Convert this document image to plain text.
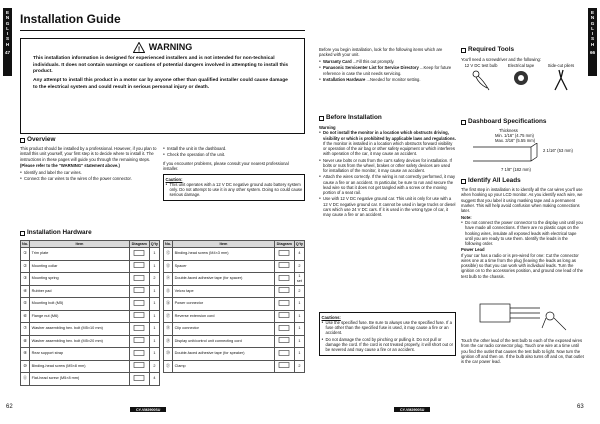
E
N
G
L
I
S
H
47
E
N
G
L
I
S
H
66
Installation Guide
! WARNING

This installation information is designed for experienced installers and is not intended for non-technical individuals. It does not contain warnings or cautions of potential dangers involved in attempting to install this product.

Any attempt to install this product in a motor car by anyone other than qualified installer could cause damage to the electrical system and could result in serious personal injury or death.

Overview

This product should be installed by a professional. However, if you plan to install this unit yourself, your first step is to decide where to install it. The instructions in these pages will guide you through the remaining steps.

(Please refer to the "WARNING" statement above.)

● Identify and label the car wires.
● Connect the car wires to the wires of the power connector.
● Install the unit in the dashboard.
● Check the operation of the unit.

If you encounter problems, please consult your nearest professional installer.

Caution:
● This unit operates with a 12 V DC negative ground auto battery system only. Do not attempt to use it in any other system. Doing so could cause serious damage.
Installation Hardware
No.	Item	Diagram	Q'ty
①	Trim plate		1
②	Mounting collar		1
③	Mounting spring		2
④	Rubber pad		1
⑤	Mounting bolt (M5)		1
⑥	Flange nut (M6)		1
⑦	Washer assembling hex. bolt (M5×10 mm)		1
⑧	Washer assembling hex. bolt (M5×20 mm)		1
⑨	Rear support strap		1
⑩	Binding-head screw (M5×8 mm)		2
⑪	Flat-head screw (M5×8 mm)		4
No.	Item	Diagram	Q'ty
⑫	Binding-head screw (M4×3 mm)		4
⑬	Spacer		2
⑭	Double-faced adhesive tape (for spacer)		1 set
⑮	Velcro tape		2
⑯	Power connector		1
⑰	Reverse extension cord		1
⑱	Clip connector		1
⑲	Display unit/control unit connecting cord		1
⑳	Double-faced adhesive tape (for speaker)		1
㉑	Clamp		2

Before you begin installation, look for the following items which are packed with your unit.

● Warranty Card ...Fill this out promptly.
● Panasonic Servicenter List for Service Directory ...Keep for future reference in case the unit needs servicing.
● Installation Hardware ...Needed for monitor setting.
Before Installation
Warning
● Do not install the monitor in a location which obstructs driving, visibility or which is prohibited by applicable laws and regulations. If the monitor is installed in a location which obstructs forward visibility or operation of the air bag or other safety equipment or which interferes with operation of the car, it may cause an accident.
● Never use bolts or nuts from the car's safety devices for installation. If bolts or nuts from the wheel, brakes or other safety devices are used for installation of the monitor, it may cause an accident.
● Attach the wires correctly. If the wiring is not correctly performed, it may cause a fire or an accident. In particular, be sure to run and secure the lead wire so that it does not get tangled with a screw or the moving portion of a seat rail.
● Use with 12 V DC negative ground car. This unit is only for use with a 12 V DC negative ground car. It cannot be used in large trucks or diesel cars which use 24 V DC cars. If it is used in the wrong type of car, it may cause a fire or an accident.
Cautions:
● Use the specified fuse. Be sure to always use the specified fuse. If a fuse other than the specified fuse is used, it may cause a fire or an accident.
● Do not damage the cord by pinching or pulling it. Do not pull or damage the cord. If the cord is not treated properly, it will short out or be severed and may cause a fire or an accident.
Required Tools
You'll need a screwdriver and the following:
12 V DC test bulb	Electrical tape	Side-cut pliers
Dashboard Specifications
Thickness
Min. 1/16" (4.75 mm)
Max. 3/16" (5.55 mm)
2 1/16" (53 mm)
7 1/8" (182 mm)
Identify All Leads

The first step in installation is to identify all the car wires you'll use when hooking up your LCD monitor. As you identify each wire, we suggest that you label it using masking tape and a permanent marker. This will help avoid confusion when making connections later.

Note:
● Do not connect the power connector to the display unit until you have made all connections. If there are no plastic caps on the hooking wires, insulate all exposed leads with electrical tape until you are ready to use them. Identify the leads in the following order.
Power Lead

If your car has a radio or is pre-wired for one: Cut the connector wires one at a time from the plug (leaving the leads as long as possible) so that you can work with individual leads. Turn the ignition on to the accessories position, and ground one lead of the test bulb to the chassis.

Touch the other lead of the test bulb to each of the exposed wires from the car radio connector plug. Touch one wire at a time until you find the outlet that causes the test bulb to light. Now turn the ignition off and then on. If the bulb also turns off and on, that outlet is the car power lead.
62	CY-VM2900SU	CY-VM2900SU	63
